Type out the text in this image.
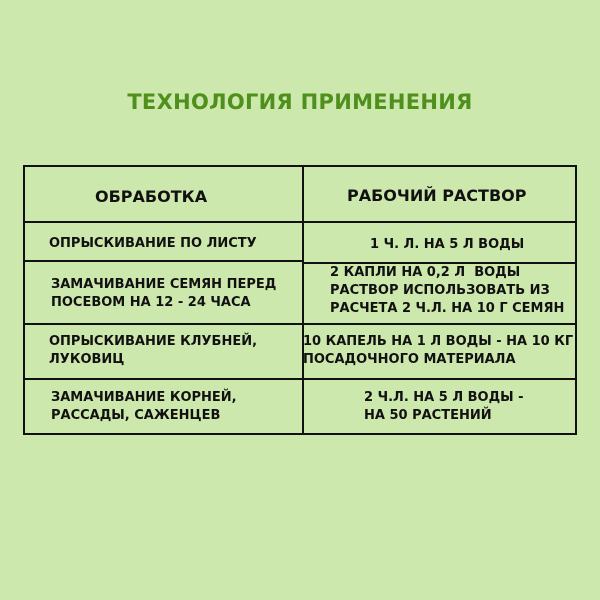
ТЕХНОЛОГИЯ ПРИМЕНЕНИЯ
ОБРАБОТКА	РАБОЧИЙ РАСТВОР
ОПРЫСКИВАНИЕ ПО ЛИСТУ	1 Ч. Л. НА 5 Л ВОДЫ
ЗАМАЧИВАНИЕ СЕМЯН ПЕРЕД
ПОСЕВОМ НА 12 - 24 ЧАСА
2 КАПЛИ НА 0,2 Л  ВОДЫ
РАСТВОР ИСПОЛЬЗОВАТЬ ИЗ
РАСЧЕТА 2 Ч.Л. НА 10 Г СЕМЯН
ОПРЫСКИВАНИЕ КЛУБНЕЙ,
ЛУКОВИЦ
10 КАПЕЛЬ НА 1 Л ВОДЫ - НА 10 КГ
ПОСАДОЧНОГО МАТЕРИАЛА
ЗАМАЧИВАНИЕ КОРНЕЙ,
РАССАДЫ, САЖЕНЦЕВ
2 Ч.Л. НА 5 Л ВОДЫ -
НА 50 РАСТЕНИЙ
